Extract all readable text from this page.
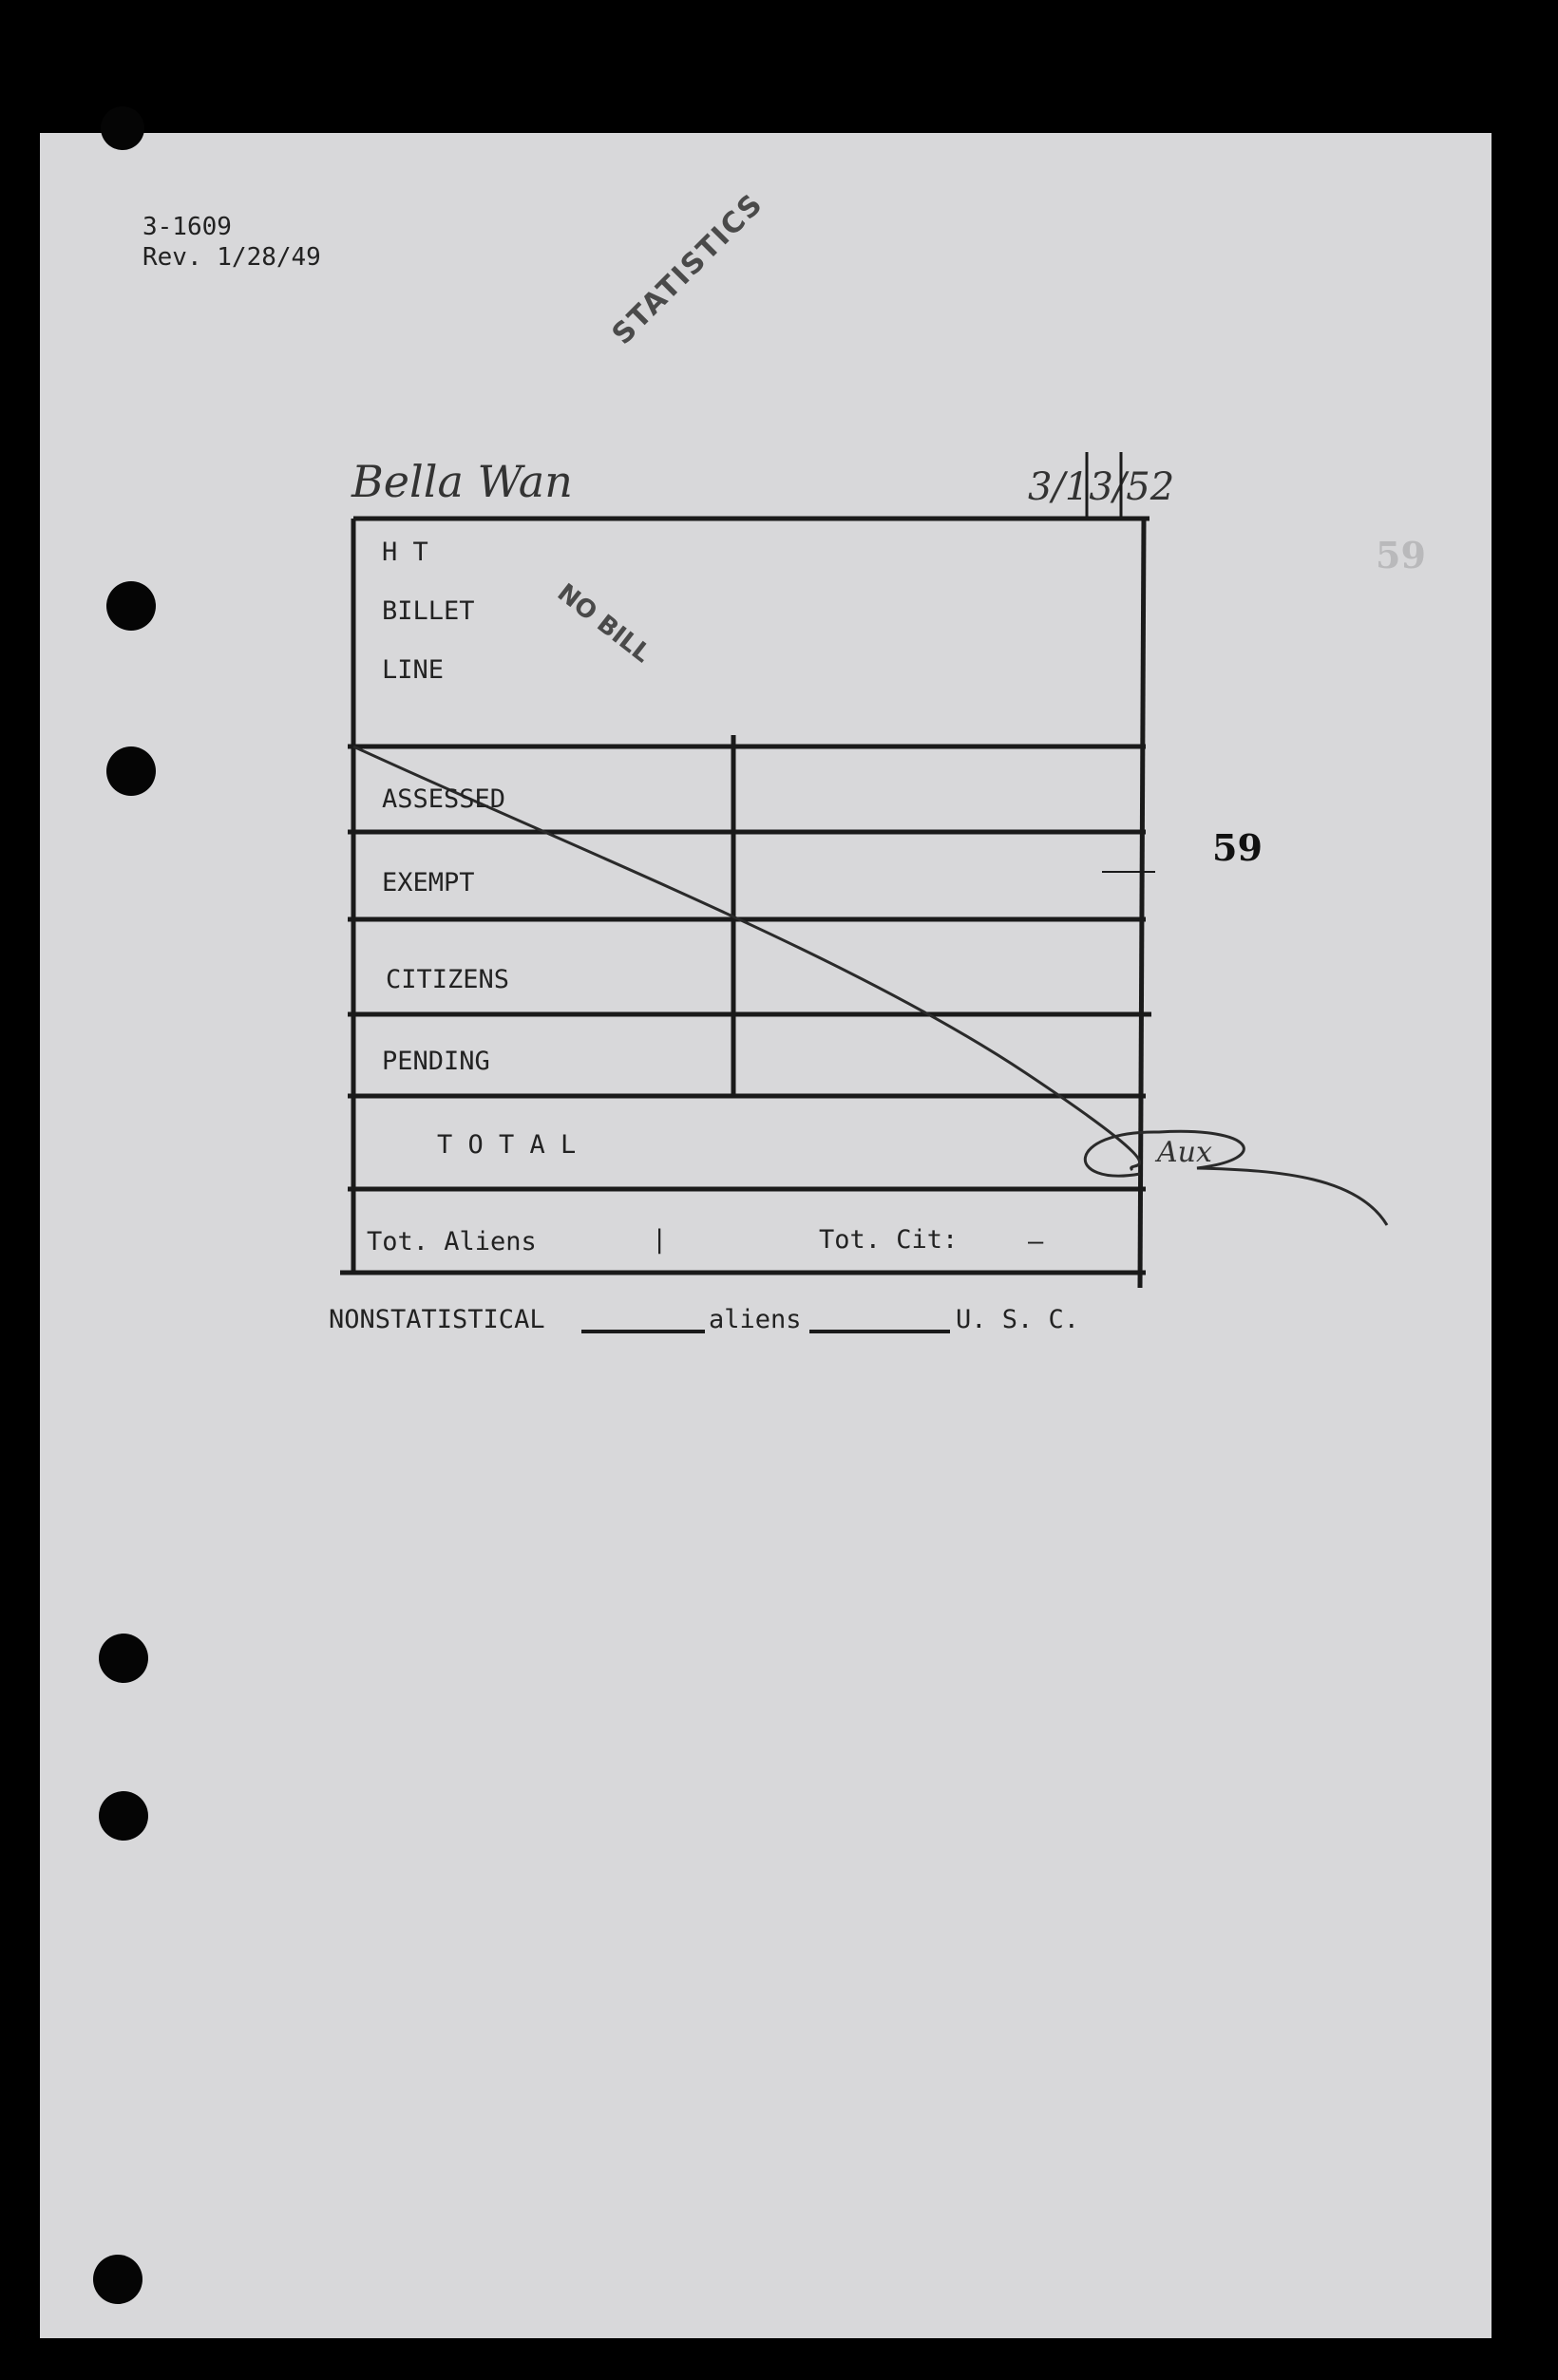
3-1609
Rev. 1/28/49	STATISTICS
Bella Wan	3/13/52
59
59
NO BILL
H T
BILLET
LINE
ASSESSED
EXEMPT
CITIZENS
PENDING
T O T A L
Tot. Aliens	|	Tot. Cit:	—
Aux
NONSTATISTICAL	aliens	U. S. C.
